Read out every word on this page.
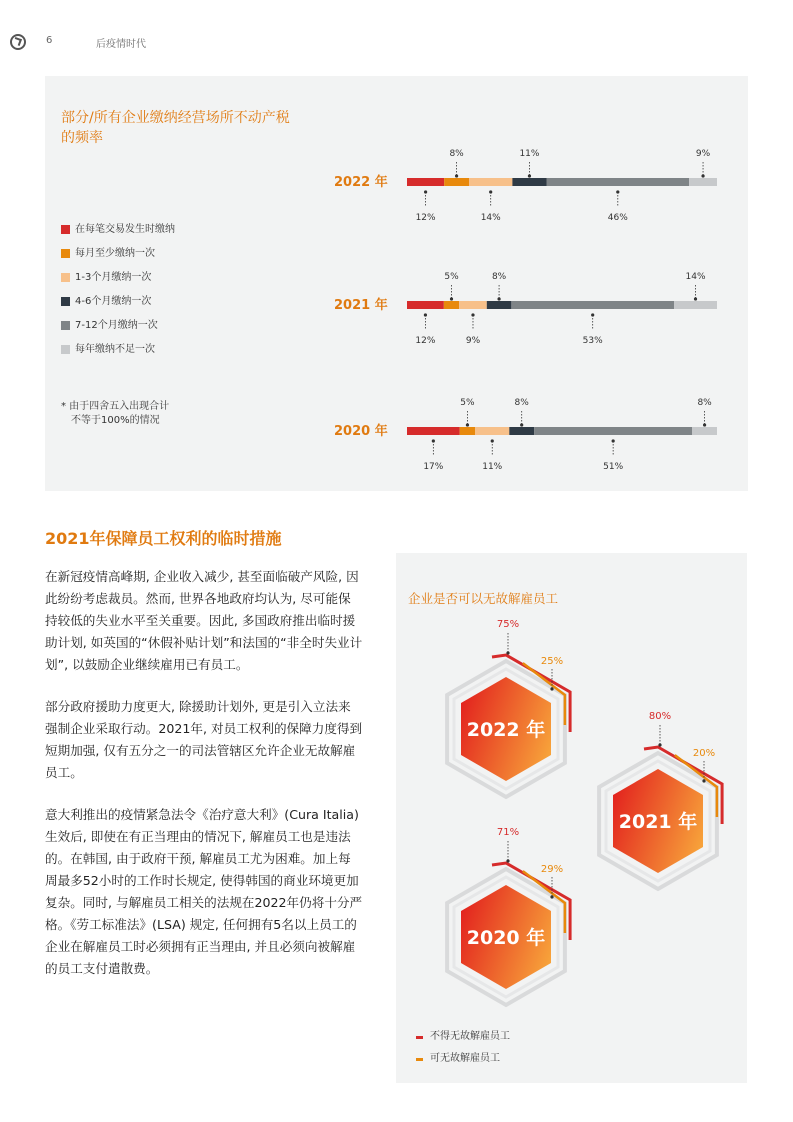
6	后疫情时代
部分/所有企业缴纳经营场所不动产税的频率
在每笔交易发生时缴纳
每月至少缴纳一次
1-3个月缴纳一次
4-6个月缴纳一次
7-12个月缴纳一次
每年缴纳不足一次
* 由于四舍五入出现合计
不等于100%的情况
2022 年
12%
8%
14%
11%
46%
9%
2021 年
12%
5%
9%
8%
53%
14%
2020 年
17%
5%
11%
8%
51%
8%
2021年保障员工权利的临时措施

在新冠疫情高峰期, 企业收入减少, 甚至面临破产风险, 因此纷纷考虑裁员。然而, 世界各地政府均认为, 尽可能保持较低的失业水平至关重要。因此, 多国政府推出临时援助计划, 如英国的“休假补贴计划”和法国的“非全时失业计划”, 以鼓励企业继续雇用已有员工。

部分政府援助力度更大, 除援助计划外, 更是引入立法来强制企业采取行动。2021年, 对员工权利的保障力度得到短期加强, 仅有五分之一的司法管辖区允许企业无故解雇员工。

意大利推出的疫情紧急法令《治疗意大利》(Cura Italia) 生效后, 即使在有正当理由的情况下, 解雇员工也是违法的。在韩国, 由于政府干预, 解雇员工尤为困难。加上每周最多52小时的工作时长规定, 使得韩国的商业环境更加复杂。同时, 与解雇员工相关的法规在2022年仍将十分严格。《劳工标准法》(LSA) 规定, 任何拥有5名以上员工的企业在解雇员工时必须拥有正当理由, 并且必须向被解雇的员工支付遣散费。

企业是否可以无故解雇员工
2022 年
75%
25%
2021 年
80%
20%
2020 年
71%
29%
不得无故解雇员工
可无故解雇员工
